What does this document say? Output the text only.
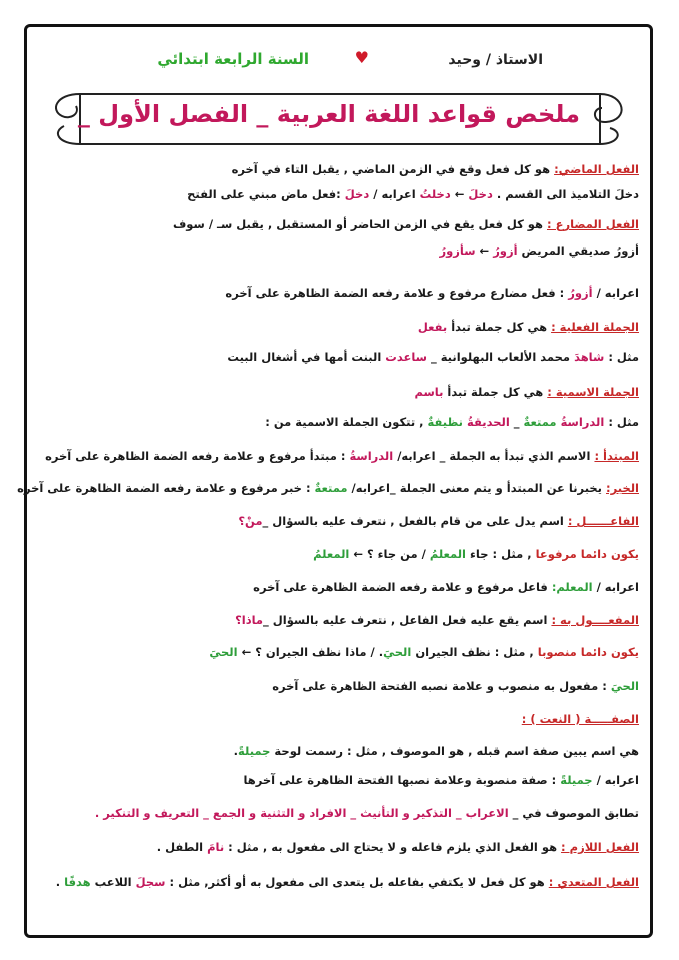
الاستاذ / وحيد
♥
السنة الرابعة ابتدائي
ملخص قواعد اللغة العربية _ الفصل الأول _
الفعل الماضي: هو كل فعل وقع في الزمن الماضي , يقبل التاء في آخره
دخلَ التلاميذ الى القسم . دخلَ ← دخلتُ اعرابه / دخلَ :فعل ماض مبني على الفتح
الفعل المضارع : هو كل فعل يقع في الزمن الحاضر أو المستقبل , يقبل سـ / سوف
أزورُ صديقي المريض أزورُ ← سأزورُ
اعرابه / أزورُ : فعل مضارع مرفوع و علامة رفعه الضمة الظاهرة على آخره
الجملة الفعلية : هي كل جملة تبدأ بفعل
مثل : شاهدَ محمد الألعاب البهلوانية _ ساعدت البنت أمها في أشغال البيت
الجملة الاسمية : هي كل جملة تبدأ باسم
مثل : الدراسةُ ممتعةٌ _ الحديقةُ نظيفةٌ , تتكون الجملة الاسمية من :
المبتدأ : الاسم الذي تبدأ به الجملة _ اعرابه/ الدراسةُ : مبتدأ مرفوع و علامة رفعه الضمة الظاهرة على آخره
الخبر: يخبرنا عن المبتدأ و يتم معنى الجملة _اعرابه/ ممتعةٌ : خبر مرفوع و علامة رفعه الضمة الظاهرة على آخره
الفاعــــــل : اسم يدل على من قام بالفعل , نتعرف عليه بالسؤال _منْ؟
يكون دائما مرفوعا , مثل : جاء المعلمُ / من جاء ؟ ← المعلمُ
اعرابه / المعلم: فاعل مرفوع و علامة رفعه الضمة الظاهرة على آخره
المفعــــول به : اسم يقع عليه فعل الفاعل , نتعرف عليه بالسؤال _ماذا؟
يكون دائما منصوبا , مثل : نظف الجيران الحيَ. / ماذا نظف الجيران ؟ ← الحيَ
الحيَ : مفعول به منصوب و علامة نصبه الفتحة الظاهرة على آخره
الصفـــــة ( النعت ) :
هي اسم يبين صفة اسم قبله , هو الموصوف , مثل : رسمت لوحة جميلةً.
اعرابه / جميلةً : صفة منصوبة وعلامة نصبها الفتحة الظاهرة على آخرها
تطابق الموصوف في _ الاعراب _ التذكير و التأنيث _ الافراد و التثنية و الجمع _ التعريف و التنكير .
الفعل اللازم : هو الفعل الذي يلزم فاعله و لا يحتاج الى مفعول به , مثل : نامَ الطفل .
الفعل المتعدي : هو كل فعل لا يكتفي بفاعله بل يتعدى الى مفعول به أو أكثر, مثل : سجلَ اللاعب هدفًا .
